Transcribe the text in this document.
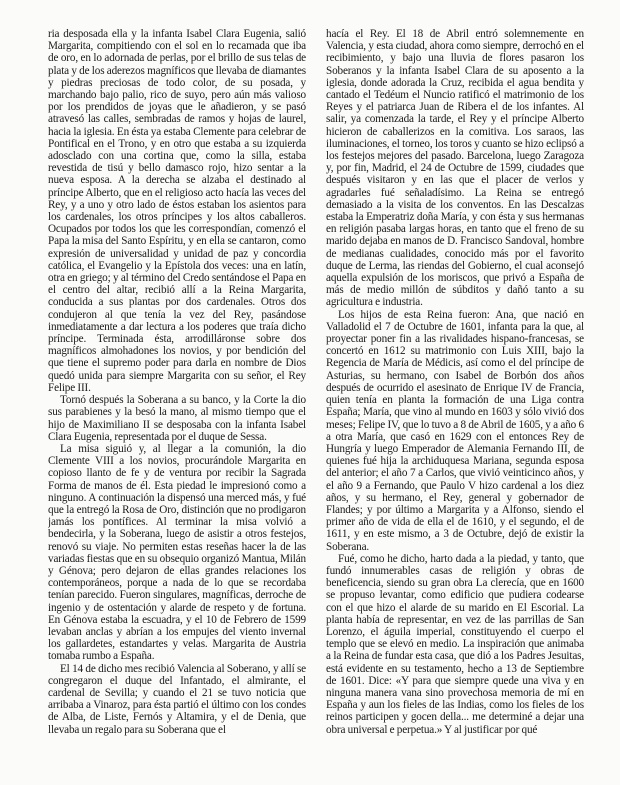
ria desposada ella y la infanta Isabel Clara Eugenia, salió Margarita, compitiendo con el sol en lo recamada que iba de oro, en lo adornada de perlas, por el brillo de sus telas de plata y de los aderezos magníficos que llevaba de diamantes y piedras preciosas de todo color, de su posada, y marchando bajo palio, rico de suyo, pero aún más valioso por los prendidos de joyas que le añadieron, y se pasó atravesó las calles, sembradas de ramos y hojas de laurel, hacia la iglesia. En ésta ya estaba Clemente para celebrar de Pontifical en el Trono, y en otro que estaba a su izquierda adosclado con una cortina que, como la silla, estaba revestida de tisú y bello damasco rojo, hizo sentar a la nueva esposa. A la derecha se alzaba el destinado al príncipe Alberto, que en el religioso acto hacía las veces del Rey, y a uno y otro lado de éstos estaban los asientos para los cardenales, los otros príncipes y los altos caballeros. Ocupados por todos los que les correspondían, comenzó el Papa la misa del Santo Espíritu, y en ella se cantaron, como expresión de universalidad y unidad de paz y concordia católica, el Evangelio y la Epístola dos veces: una en latín, otra en griego; y al término del Credo sentándose el Papa en el centro del altar, recibió allí a la Reina Margarita, conducida a sus plantas por dos cardenales. Otros dos condujeron al que tenía la vez del Rey, pasándose inmediatamente a dar lectura a los poderes que traía dicho príncipe. Terminada ésta, arrodilláronse sobre dos magníficos almohadones los novios, y por bendición del que tiene el supremo poder para darla en nombre de Dios quedó unida para siempre Margarita con su señor, el Rey Felipe III.

Tornó después la Soberana a su banco, y la Corte la dio sus parabienes y la besó la mano, al mismo tiempo que el hijo de Maximiliano II se desposaba con la infanta Isabel Clara Eugenia, representada por el duque de Sessa.

La misa siguió y, al llegar a la comunión, la dio Clemente VIII a los novios, procurándole Margarita en copioso llanto de fe y de ventura por recibir la Sagrada Forma de manos de él. Esta piedad le impresionó como a ninguno. A continuación la dispensó una merced más, y fué que la entregó la Rosa de Oro, distinción que no prodigaron jamás los pontífices. Al terminar la misa volvió a bendecirla, y la Soberana, luego de asistir a otros festejos, renovó su viaje. No permiten estas reseñas hacer la de las variadas fiestas que en su obsequio organizó Mantua, Milán y Génova; pero dejaron de ellas grandes relaciones los contemporáneos, porque a nada de lo que se recordaba tenían parecido. Fueron singulares, magníficas, derroche de ingenio y de ostentación y alarde de respeto y de fortuna. En Génova estaba la escuadra, y el 10 de Febrero de 1599 levaban anclas y abrían a los empujes del viento invernal los gallardetes, estandartes y velas. Margarita de Austria tomaba rumbo a España.

El 14 de dicho mes recibió Valencia al Soberano, y allí se congregaron el duque del Infantado, el almirante, el cardenal de Sevilla; y cuando el 21 se tuvo noticia que arribaba a Vinaroz, para ésta partió el último con los condes de Alba, de Liste, Fernós y Altamira, y el de Denia, que llevaba un regalo para su Soberana que el

hacía el Rey. El 18 de Abril entró solemnemente en Valencia, y esta ciudad, ahora como siempre, derrochó en el recibimiento, y bajo una lluvia de flores pasaron los Soberanos y la infanta Isabel Clara de su aposento a la iglesia, donde adorada la Cruz, recibida el agua bendita y cantado el Tedéum el Nuncio ratificó el matrimonio de los Reyes y el patriarca Juan de Ribera el de los infantes. Al salir, ya comenzada la tarde, el Rey y el príncipe Alberto hicieron de caballerizos en la comitiva. Los saraos, las iluminaciones, el torneo, los toros y cuanto se hizo eclipsó a los festejos mejores del pasado. Barcelona, luego Zaragoza y, por fin, Madrid, el 24 de Octubre de 1599, ciudades que después visitaron y en las que el placer de verlos y agradarles fué señaladísimo. La Reina se entregó demasiado a la visita de los conventos. En las Descalzas estaba la Emperatriz doña María, y con ésta y sus hermanas en religión pasaba largas horas, en tanto que el freno de su marido dejaba en manos de D. Francisco Sandoval, hombre de medianas cualidades, conocido más por el favorito duque de Lerma, las riendas del Gobierno, el cual aconsejó aquella expulsión de los moriscos, que privó a España de más de medio millón de súbditos y dañó tanto a su agricultura e industria.

Los hijos de esta Reina fueron: Ana, que nació en Valladolid el 7 de Octubre de 1601, infanta para la que, al proyectar poner fin a las rivalidades hispano-francesas, se concertó en 1612 su matrimonio con Luis XIII, bajo la Regencia de María de Médicis, así como el del príncipe de Asturias, su hermano, con Isabel de Borbón dos años después de ocurrido el asesinato de Enrique IV de Francia, quien tenía en planta la formación de una Liga contra España; María, que vino al mundo en 1603 y sólo vivió dos meses; Felipe IV, que lo tuvo a 8 de Abril de 1605, y a año 6 a otra María, que casó en 1629 con el entonces Rey de Hungría y luego Emperador de Alemania Fernando III, de quienes fué hija la archiduquesa Mariana, segunda esposa del anterior; el año 7 a Carlos, que vivió veinticinco años, y el año 9 a Fernando, que Paulo V hizo cardenal a los diez años, y su hermano, el Rey, general y gobernador de Flandes; y por último a Margarita y a Alfonso, siendo el primer año de vida de ella el de 1610, y el segundo, el de 1611, y en este mismo, a 3 de Octubre, dejó de existir la Soberana.

Fué, como he dicho, harto dada a la piedad, y tanto, que fundó innumerables casas de religión y obras de beneficencia, siendo su gran obra La clerecía, que en 1600 se propuso levantar, como edificio que pudiera codearse con el que hizo el alarde de su marido en El Escorial. La planta había de representar, en vez de las parrillas de San Lorenzo, el águila imperial, constituyendo el cuerpo el templo que se elevó en medio. La inspiración que animaba a la Reina de fundar esta casa, que dió a los Padres Jesuitas, está evidente en su testamento, hecho a 13 de Septiembre de 1601. Dice: «Y para que siempre quede una viva y en ninguna manera vana sino provechosa memoria de mí en España y aun los fieles de las Indias, como los fieles de los reinos participen y gocen della... me determiné a dejar una obra universal e perpetua.» Y al justificar por qué
